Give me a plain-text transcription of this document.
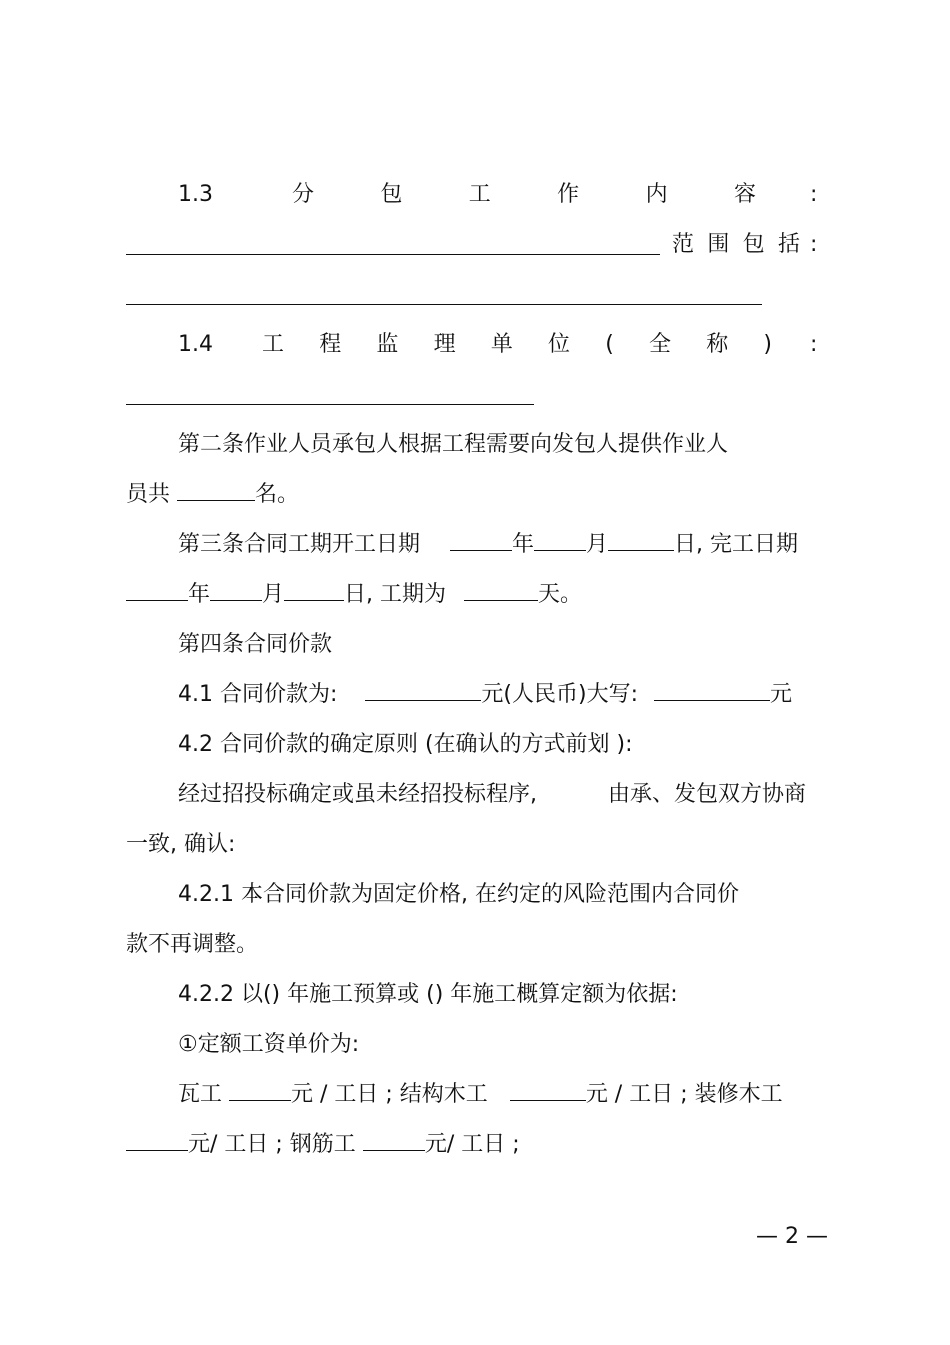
1.3	分	包	工	作	内	容 :
范 围 包 括 :
1.4 工 程 监 理 单 位 ( 全 称 ) :
第二条作业人员承包人根据工程需要向发包人提供作业人
员共	名。
第三条合同工期开工日期	年 月	日, 完工日期
年 月	日, 工期为	天。
第四条合同价款
4.1 合同价款为:	元(人民币)大写:	元
4.2 合同价款的确定原则 (在确认的方式前划 ):
经过招投标确定或虽未经招投标程序,	由承、发包双方协商
一致, 确认:
4.2.1 本合同价款为固定价格, 在约定的风险范围内合同价
款不再调整。
4.2.2 以() 年施工预算或 () 年施工概算定额为依据:
①定额工资单价为:
瓦工	元 / 工日 ; 结构木工	元 / 工日 ; 装修木工
元/ 工日 ; 钢筋工	元/ 工日 ;
— 2 —
